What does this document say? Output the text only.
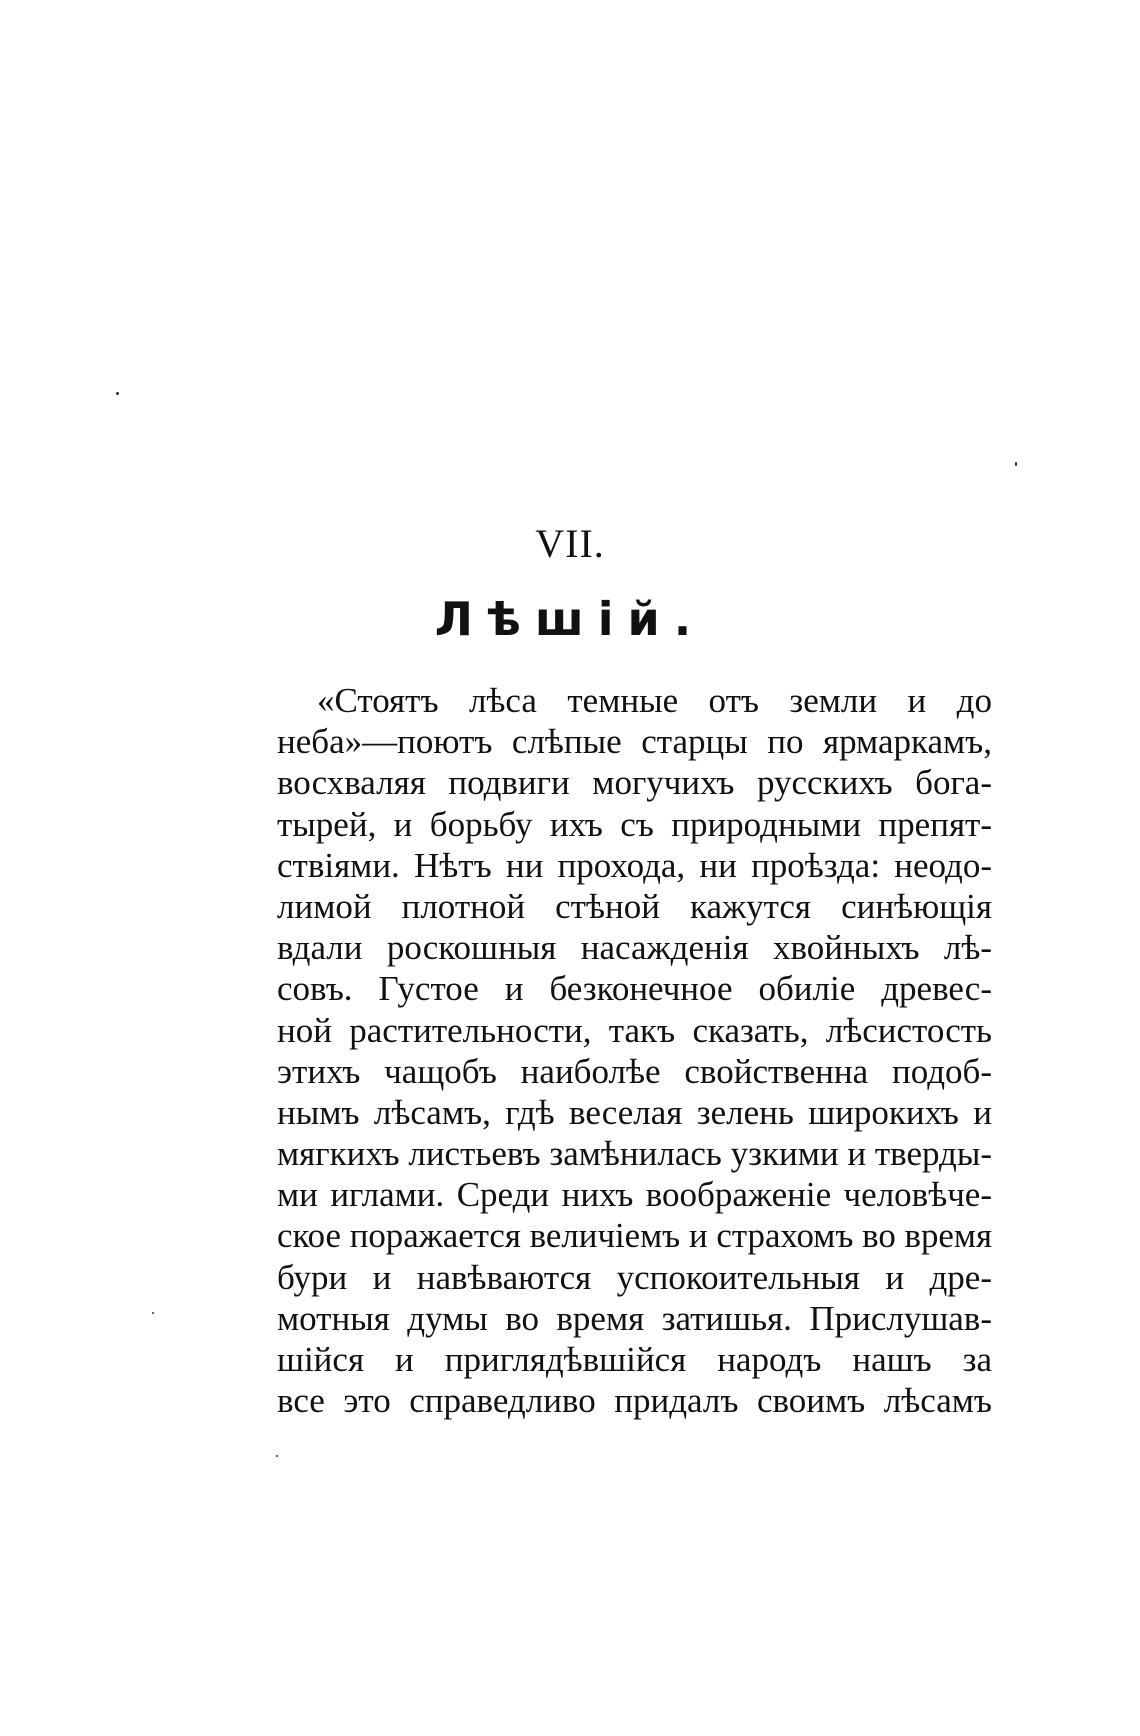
VII.
Лѣшій.
«Стоятъ лѣса темные отъ земли и до
неба»—поютъ слѣпые старцы по ярмаркамъ,
восхваляя подвиги могучихъ русскихъ бога-
тырей, и борьбу ихъ съ природными препят-
ствіями. Нѣтъ ни прохода, ни проѣзда: неодо-
лимой плотной стѣной кажутся синѣющія
вдали роскошныя насажденія хвойныхъ лѣ-
совъ. Густое и безконечное обиліе древес-
ной растительности, такъ сказать, лѣсистость
этихъ чащобъ наиболѣе свойственна подоб-
нымъ лѣсамъ, гдѣ веселая зелень широкихъ и
мягкихъ листьевъ замѣнилась узкими и тверды-
ми иглами. Среди нихъ воображеніе человѣче-
ское поражается величіемъ и страхомъ во время
бури и навѣваются успокоительныя и дре-
мотныя думы во время затишья. Прислушав-
шійся и приглядѣвшійся народъ нашъ за
все это справедливо придалъ своимъ лѣсамъ
